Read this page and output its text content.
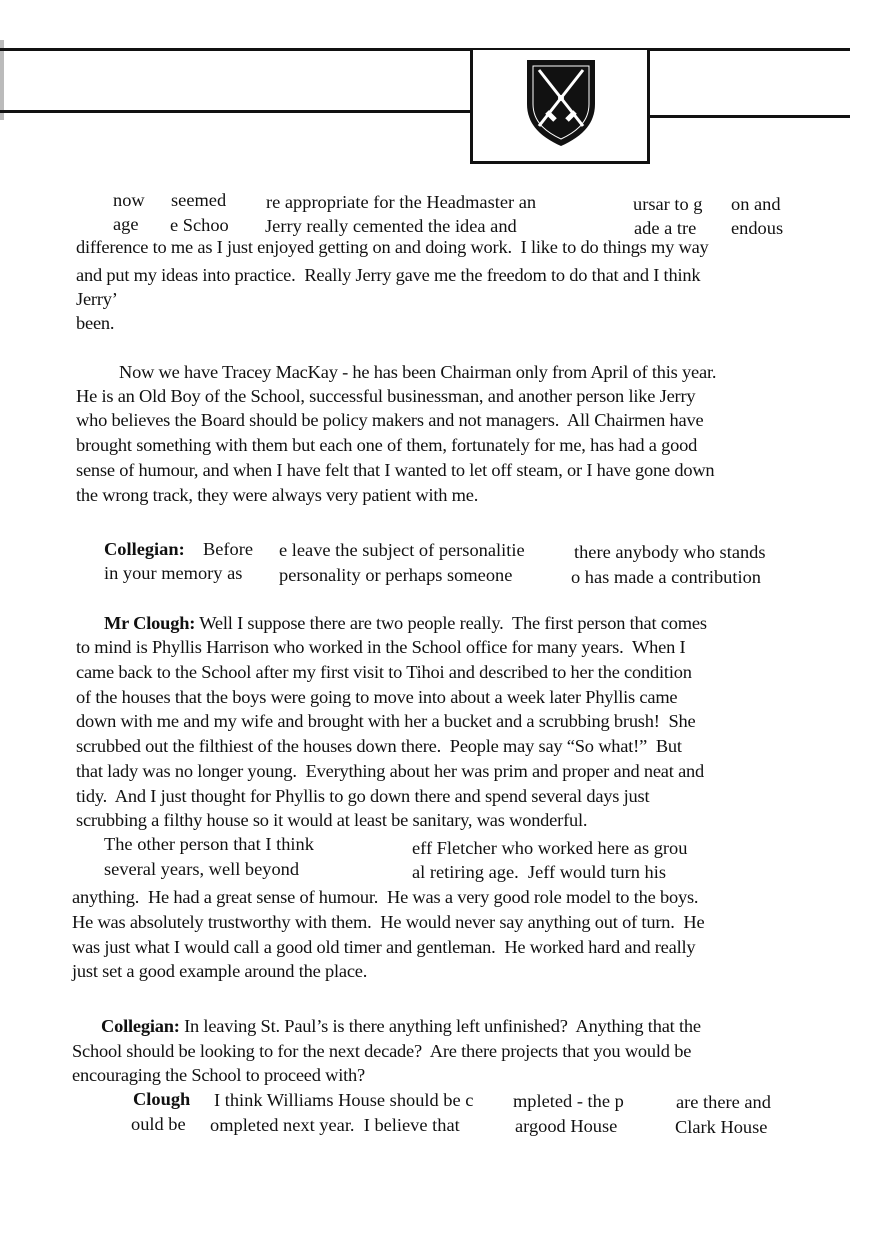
now seemed re appropriate for the Headmaster an	ursar to g on and
age e Schoo Jerry really cemented the idea and	ade a tre endous
difference to me as I just enjoyed getting on and doing work.  I like to do things my way
and put my ideas into practice.  Really Jerry gave me the freedom to do that and I think
Jerry’
been.
Now we have Tracey MacKay - he has been Chairman only from April of this year.
He is an Old Boy of the School, successful businessman, and another person like Jerry
who believes the Board should be policy makers and not managers.  All Chairmen have
brought something with them but each one of them, fortunately for me, has had a good
sense of humour, and when I have felt that I wanted to let off steam, or I have gone down
the wrong track, they were always very patient with me.
Collegian: Before e leave the subject of personalitie	there anybody who stands
in your memory as personality or perhaps someone	o has made a contribution
Mr Clough: Well I suppose there are two people really.  The first person that comes
to mind is Phyllis Harrison who worked in the School office for many years.  When I
came back to the School after my first visit to Tihoi and described to her the condition
of the houses that the boys were going to move into about a week later Phyllis came
down with me and my wife and brought with her a bucket and a scrubbing brush!  She
scrubbed out the filthiest of the houses down there.  People may say “So what!”  But
that lady was no longer young.  Everything about her was prim and proper and neat and
tidy.  And I just thought for Phyllis to go down there and spend several days just
scrubbing a filthy house so it would at least be sanitary, was wonderful.
The other person that I think	eff Fletcher who worked here as grou
several years, well beyond	al retiring age.  Jeff would turn his
anything.  He had a great sense of humour.  He was a very good role model to the boys.
He was absolutely trustworthy with them.  He would never say anything out of turn.  He
was just what I would call a good old timer and gentleman.  He worked hard and really
just set a good example around the place.
Collegian: In leaving St. Paul’s is there anything left unfinished?  Anything that the
School should be looking to for the next decade?  Are there projects that you would be
encouraging the School to proceed with?
Clough I think Williams House should be c mpleted - the p	are there and
ould be ompleted next year.  I believe that	argood House	Clark House
